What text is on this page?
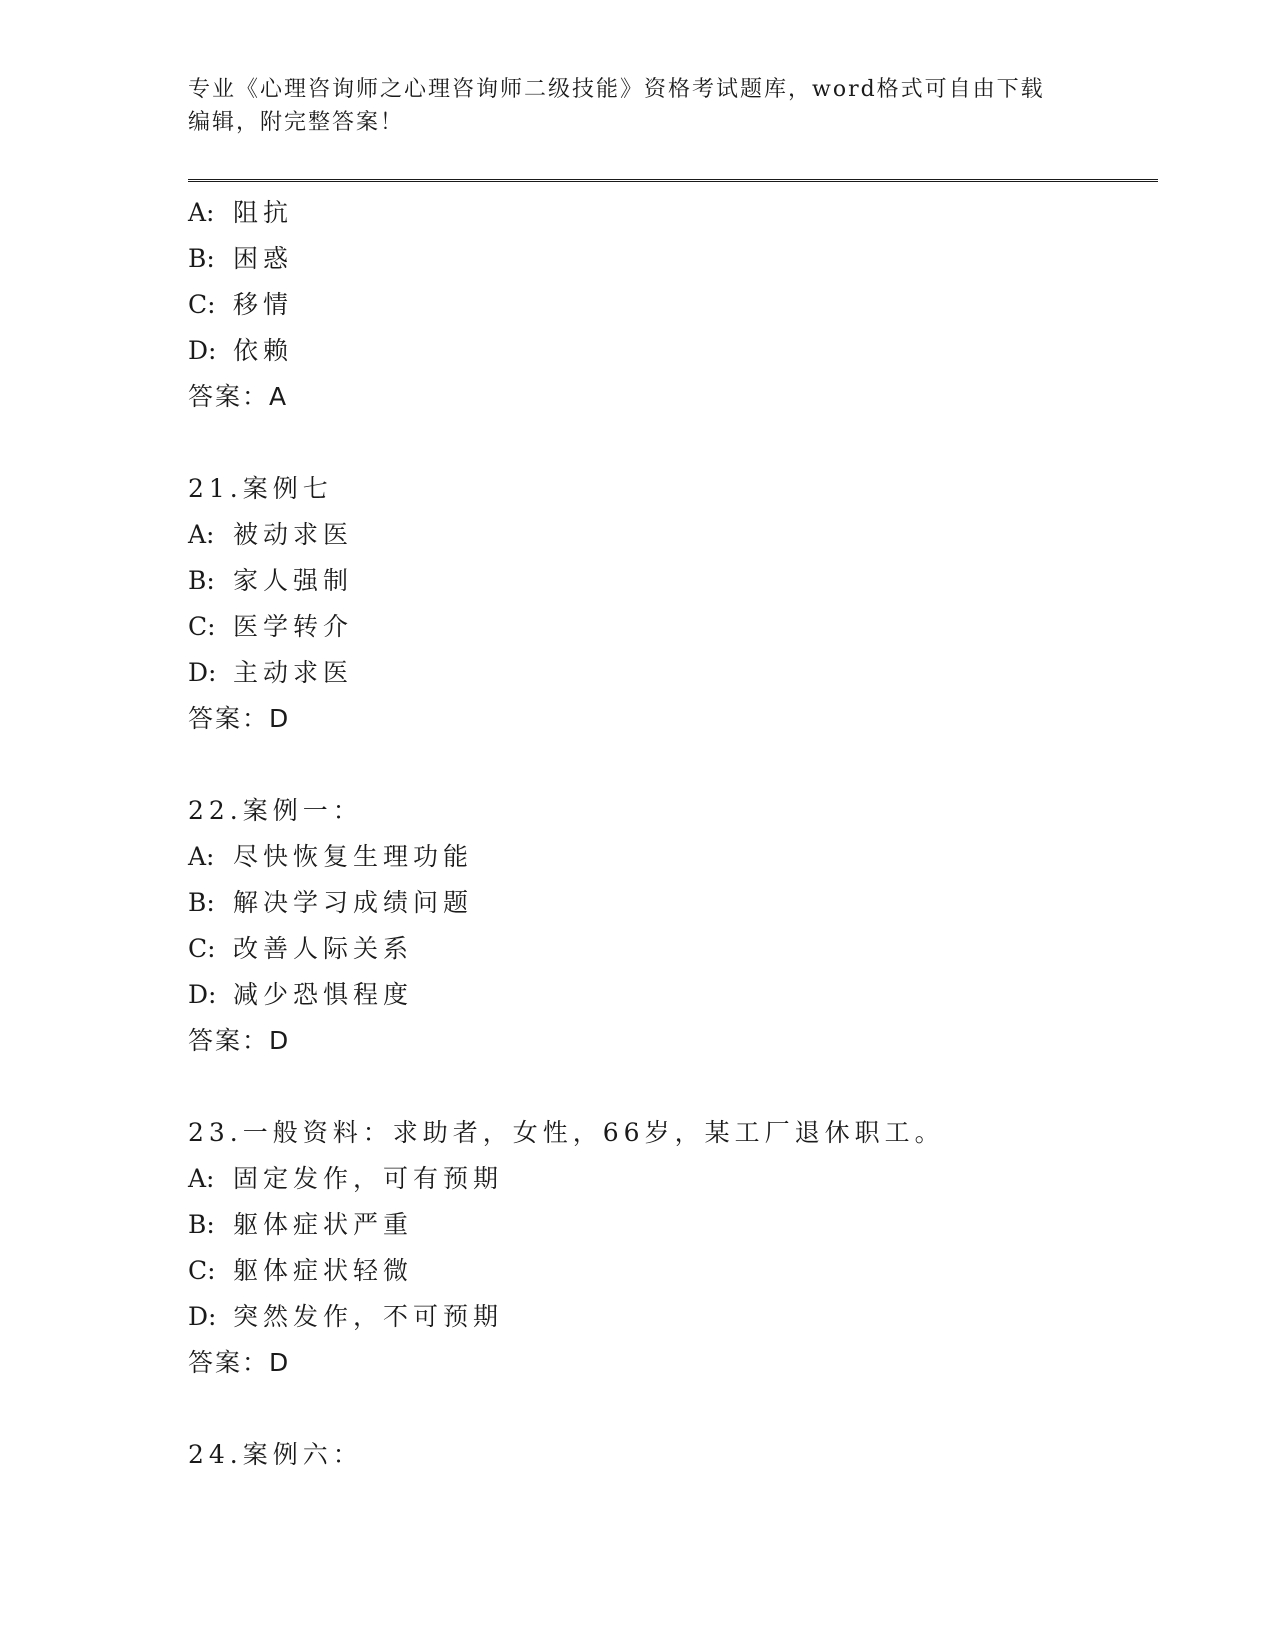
专业《心理咨询师之心理咨询师二级技能》资格考试题库，word格式可自由下载
编辑，附完整答案！
A: 阻抗
B: 困惑
C: 移情
D: 依赖
答案：A
21.案例七
A: 被动求医
B: 家人强制
C: 医学转介
D: 主动求医
答案：D
22.案例一：
A: 尽快恢复生理功能
B: 解决学习成绩问题
C: 改善人际关系
D: 减少恐惧程度
答案：D
23.一般资料：求助者，女性，66岁，某工厂退休职工。
A: 固定发作，可有预期
B: 躯体症状严重
C: 躯体症状轻微
D: 突然发作，不可预期
答案：D
24.案例六：
